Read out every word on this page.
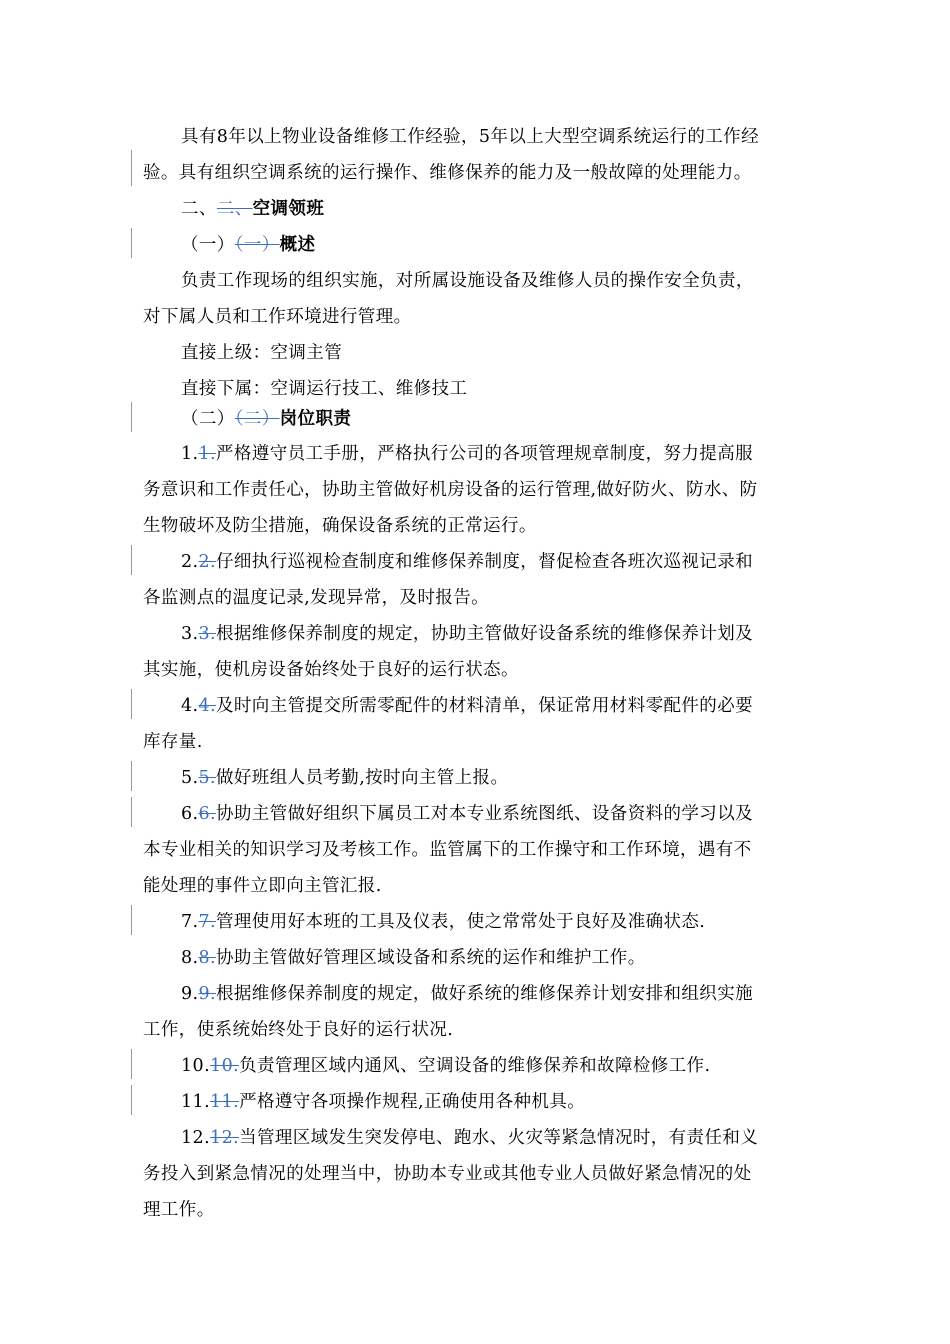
具有8年以上物业设备维修工作经验，5年以上大型空调系统运行的工作经
验。具有组织空调系统的运行操作、维修保养的能力及一般故障的处理能力。
二、二、空调领班
（一）（一）概述
负责工作现场的组织实施，对所属设施设备及维修人员的操作安全负责，
对下属人员和工作环境进行管理。
直接上级：空调主管
直接下属：空调运行技工、维修技工
（二）（二）岗位职责
1.1.严格遵守员工手册，严格执行公司的各项管理规章制度，努力提高服
务意识和工作责任心，协助主管做好机房设备的运行管理,做好防火、防水、防
生物破坏及防尘措施，确保设备系统的正常运行。
2.2.仔细执行巡视检查制度和维修保养制度，督促检查各班次巡视记录和
各监测点的温度记录,发现异常，及时报告。
3.3.根据维修保养制度的规定，协助主管做好设备系统的维修保养计划及
其实施，使机房设备始终处于良好的运行状态。
4.4.及时向主管提交所需零配件的材料清单，保证常用材料零配件的必要
库存量.
5.5.做好班组人员考勤,按时向主管上报。
6.6.协助主管做好组织下属员工对本专业系统图纸、设备资料的学习以及
本专业相关的知识学习及考核工作。监管属下的工作操守和工作环境，遇有不
能处理的事件立即向主管汇报.
7.7.管理使用好本班的工具及仪表，使之常常处于良好及准确状态.
8.8.协助主管做好管理区域设备和系统的运作和维护工作。
9.9.根据维修保养制度的规定，做好系统的维修保养计划安排和组织实施
工作，使系统始终处于良好的运行状况.
10.10.负责管理区域内通风、空调设备的维修保养和故障检修工作.
11.11.严格遵守各项操作规程,正确使用各种机具。
12.12.当管理区域发生突发停电、跑水、火灾等紧急情况时，有责任和义
务投入到紧急情况的处理当中，协助本专业或其他专业人员做好紧急情况的处
理工作。
